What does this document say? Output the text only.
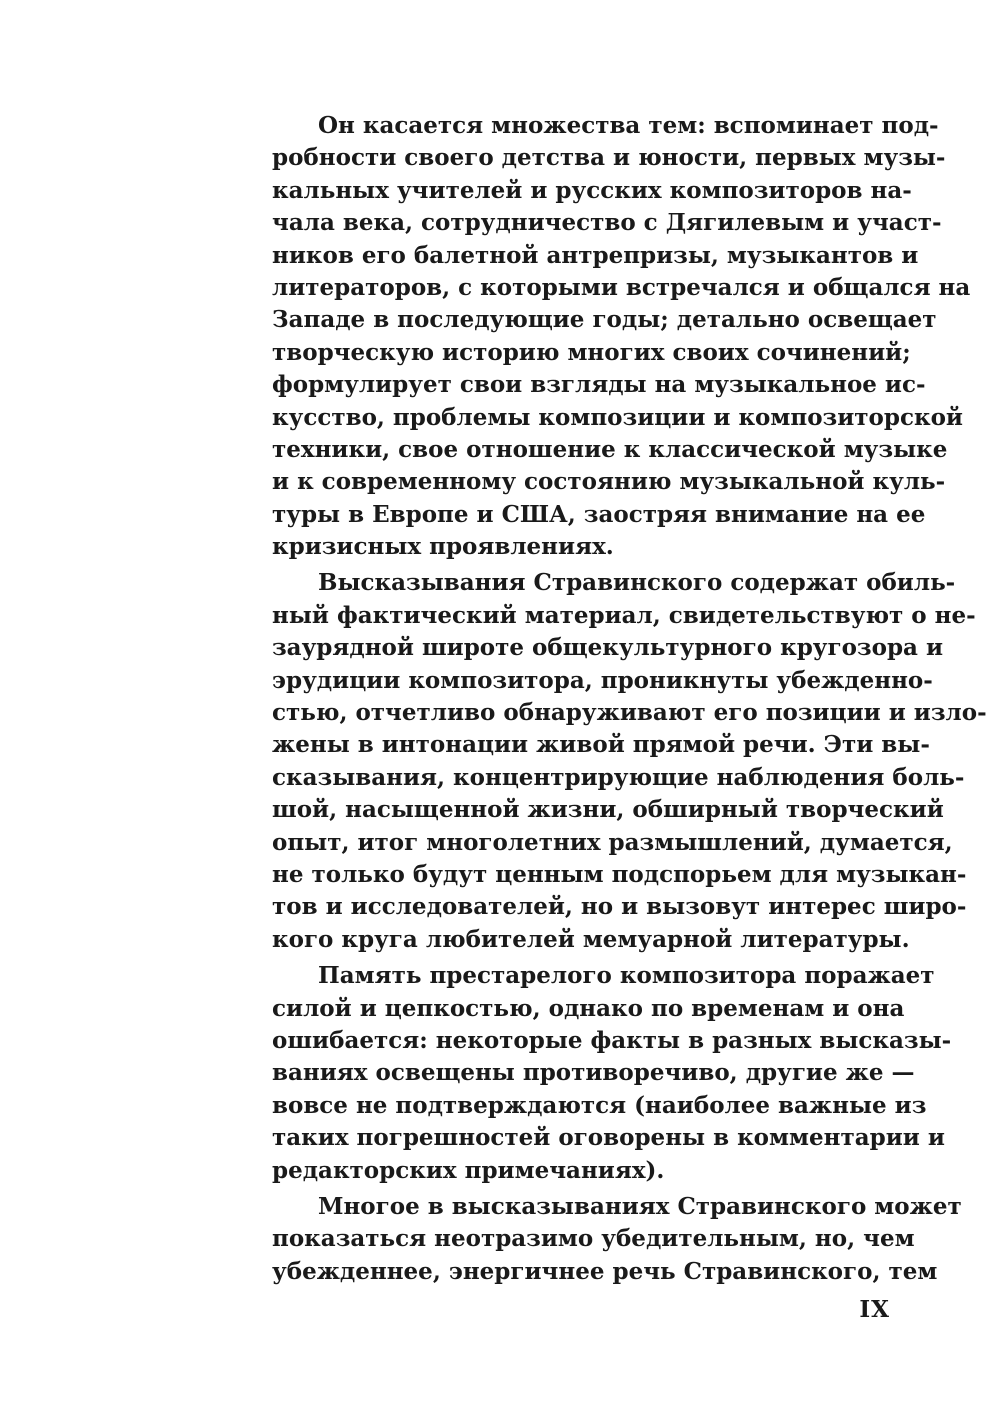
Он касается множества тем: вспоминает под-
робности своего детства и юности, первых музы-
кальных учителей и русских композиторов на-
чала века, сотрудничество с Дягилевым и участ-
ников его балетной антрепризы, музыкантов и
литераторов, с которыми встречался и общался на
Западе в последующие годы; детально освещает
творческую историю многих своих сочинений;
формулирует свои взгляды на музыкальное ис-
кусство, проблемы композиции и композиторской
техники, свое отношение к классической музыке
и к современному состоянию музыкальной куль-
туры в Европе и США, заостряя внимание на ее
кризисных проявлениях.
Высказывания Стравинского содержат обиль-
ный фактический материал, свидетельствуют о не-
заурядной широте общекультурного кругозора и
эрудиции композитора, проникнуты убежденно-
стью, отчетливо обнаруживают его позиции и изло-
жены в интонации живой прямой речи. Эти вы-
сказывания, концентрирующие наблюдения боль-
шой, насыщенной жизни, обширный творческий
опыт, итог многолетних размышлений, думается,
не только будут ценным подспорьем для музыкан-
тов и исследователей, но и вызовут интерес широ-
кого круга любителей мемуарной литературы.
Память престарелого композитора поражает
силой и цепкостью, однако по временам и она
ошибается: некоторые факты в разных высказы-
ваниях освещены противоречиво, другие же —
вовсе не подтверждаются (наиболее важные из
таких погрешностей оговорены в комментарии и
редакторских примечаниях).
Многое в высказываниях Стравинского может
показаться неотразимо убедительным, но, чем
убежденнее, энергичнее речь Стравинского, тем
IX
